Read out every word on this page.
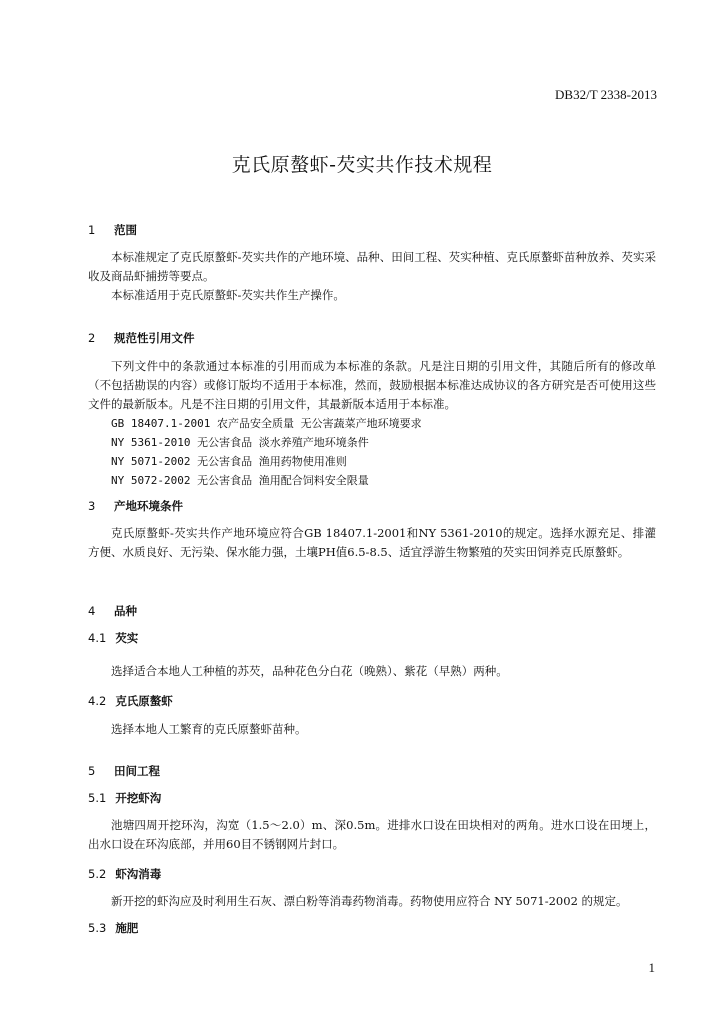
DB32/T 2338-2013
克氏原螯虾-芡实共作技术规程
1 范围
本标准规定了克氏原螯虾-芡实共作的产地环境、品种、田间工程、芡实种植、克氏原螯虾苗种放养、芡实采收及商品虾捕捞等要点。
本标准适用于克氏原螯虾-芡实共作生产操作。
2 规范性引用文件
下列文件中的条款通过本标准的引用而成为本标准的条款。凡是注日期的引用文件，其随后所有的修改单（不包括勘误的内容）或修订版均不适用于本标准，然而，鼓励根据本标准达成协议的各方研究是否可使用这些文件的最新版本。凡是不注日期的引用文件，其最新版本适用于本标准。
GB 18407.1-2001 农产品安全质量 无公害蔬菜产地环境要求
NY 5361-2010 无公害食品 淡水养殖产地环境条件
NY 5071-2002 无公害食品 渔用药物使用准则
NY 5072-2002 无公害食品 渔用配合饲料安全限量
3 产地环境条件
克氏原螯虾-芡实共作产地环境应符合GB 18407.1-2001和NY 5361-2010的规定。选择水源充足、排灌方便、水质良好、无污染、保水能力强，土壤PH值6.5-8.5、适宜浮游生物繁殖的芡实田饲养克氏原螯虾。
4 品种
4.1 芡实
选择适合本地人工种植的苏芡，品种花色分白花（晚熟）、紫花（早熟）两种。
4.2 克氏原螯虾
选择本地人工繁育的克氏原螯虾苗种。
5 田间工程
5.1 开挖虾沟
池塘四周开挖环沟，沟宽（1.5～2.0）m、深0.5m。进排水口设在田块相对的两角。进水口设在田埂上，出水口设在环沟底部，并用60目不锈钢网片封口。
5.2 虾沟消毒
新开挖的虾沟应及时利用生石灰、漂白粉等消毒药物消毒。药物使用应符合 NY 5071-2002 的规定。
5.3 施肥
1
